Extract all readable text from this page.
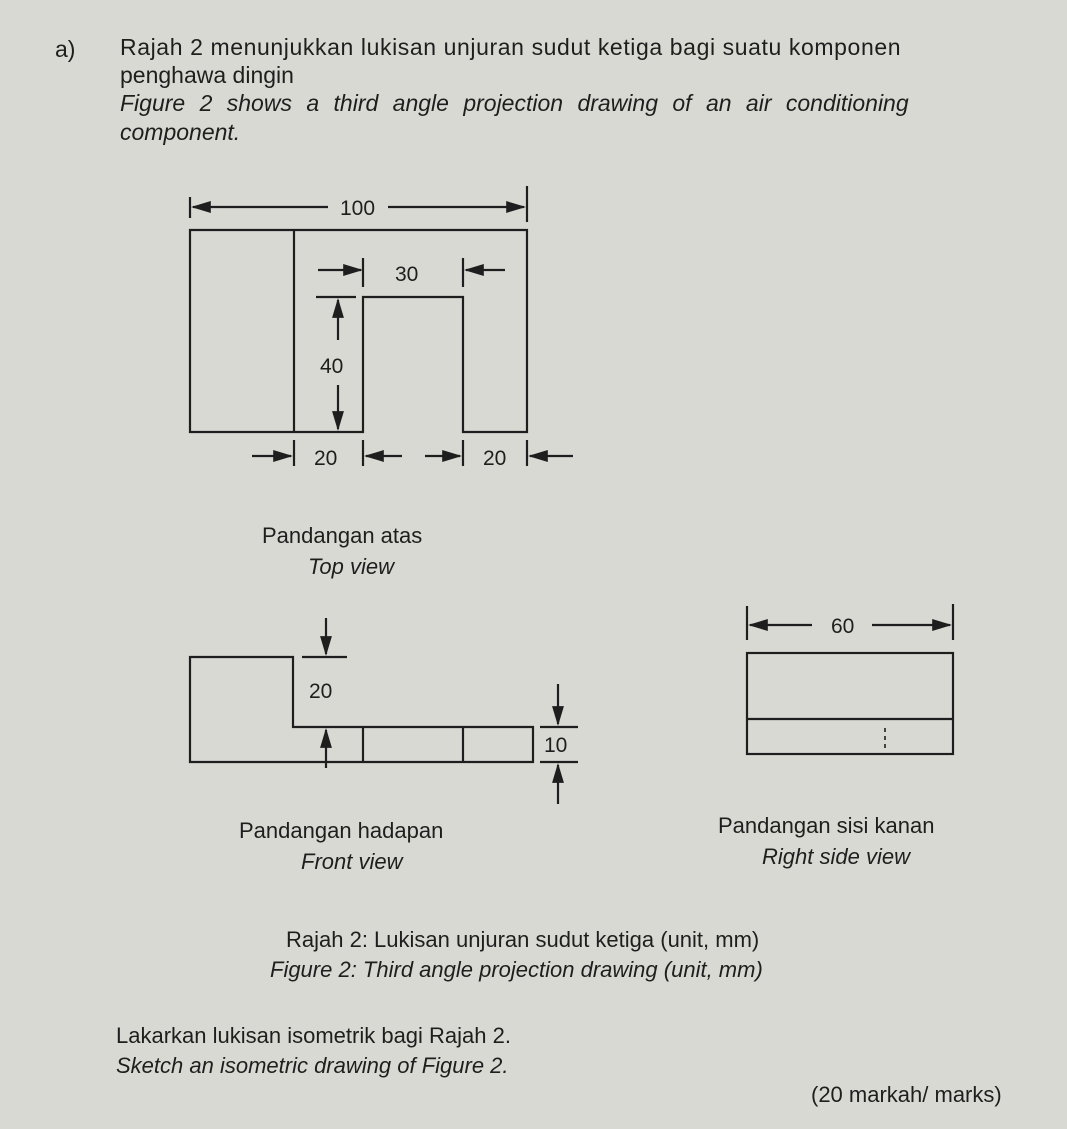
a) Rajah 2 menunjukkan lukisan unjuran sudut ketiga bagi suatu komponen
penghawa dingin
Figure 2 shows a third angle projection drawing of an air conditioning
component.
100
30
40
20	20
20
10
60
Pandangan atas
Top view
Pandangan hadapan
Front view
Pandangan sisi kanan
Right side view
Rajah 2: Lukisan unjuran sudut ketiga (unit, mm)
Figure 2: Third angle projection drawing (unit, mm)
Lakarkan lukisan isometrik bagi Rajah 2.
Sketch an isometric drawing of Figure 2.
(20 markah/ marks)
